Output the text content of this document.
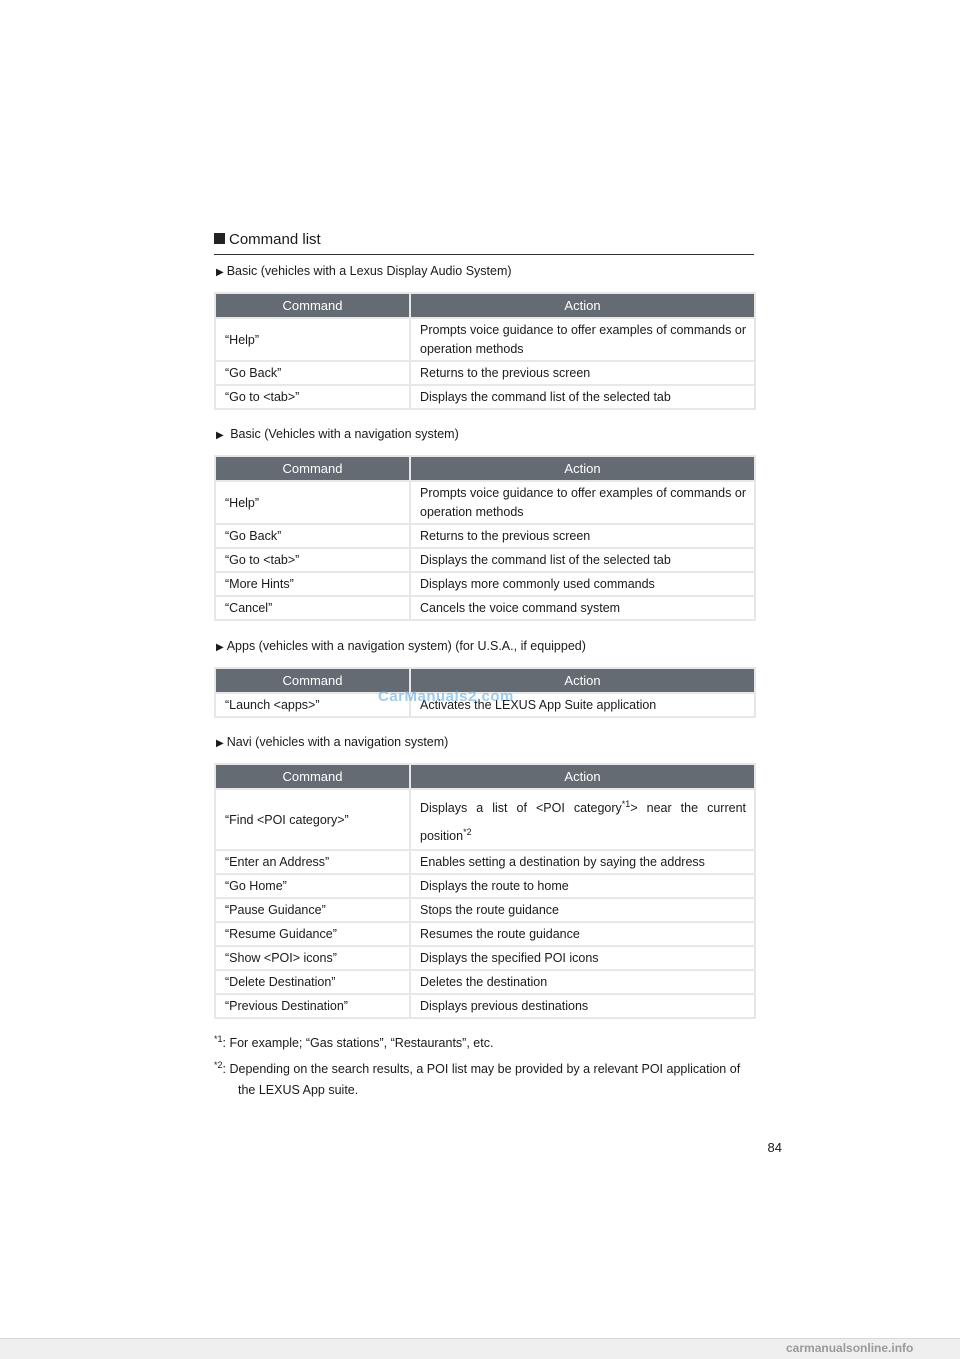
Command list
▶ Basic (vehicles with a Lexus Display Audio System)
Command	Action
“Help”	Prompts voice guidance to offer examples of commands or operation methods
“Go Back”	Returns to the previous screen
“Go to <tab>”	Displays the command list of the selected tab
▶ Basic (Vehicles with a navigation system)
Command	Action
“Help”	Prompts voice guidance to offer examples of commands or operation methods
“Go Back”	Returns to the previous screen
“Go to <tab>”	Displays the command list of the selected tab
“More Hints”	Displays more commonly used commands
“Cancel”	Cancels the voice command system
▶ Apps (vehicles with a navigation system) (for U.S.A., if equipped)
Command	Action
“Launch <apps>”	Activates the LEXUS App Suite application
▶ Navi (vehicles with a navigation system)
Command	Action
“Find <POI category>”	Displays a list of <POI category$^{*1}$> near the current position$^{*2}$
“Enter an Address”	Enables setting a destination by saying the address
“Go Home”	Displays the route to home
“Pause Guidance”	Stops the route guidance
“Resume Guidance”	Resumes the route guidance
“Show <POI> icons”	Displays the specified POI icons
“Delete Destination”	Deletes the destination
“Previous Destination”	Displays previous destinations
$^{*1}$: For example; “Gas stations”, “Restaurants”, etc.
$^{*2}$: Depending on the search results, a POI list may be provided by a relevant POI application of the LEXUS App suite.
84
CarManuals2.com
carmanualsonline.info
